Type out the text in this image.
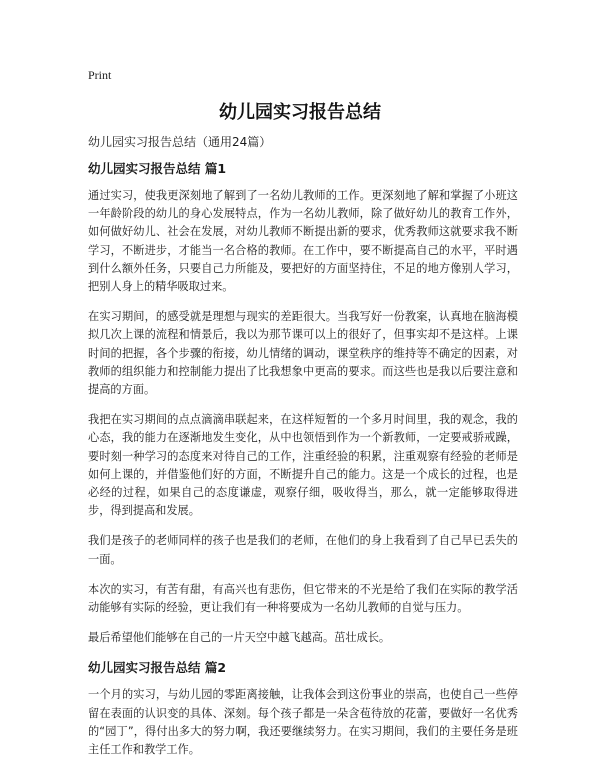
Print
幼儿园实习报告总结

幼儿园实习报告总结（通用24篇）

幼儿园实习报告总结 篇1

通过实习，使我更深刻地了解到了一名幼儿教师的工作。更深刻地了解和掌握了小班这一年龄阶段的幼儿的身心发展特点，作为一名幼儿教师，除了做好幼儿的教育工作外，如何做好幼儿、社会在发展，对幼儿教师不断提出新的要求，优秀教师这就要求我不断学习，不断进步，才能当一名合格的教师。在工作中，要不断提高自己的水平，平时遇到什么额外任务，只要自己力所能及，要把好的方面坚持住，不足的地方像别人学习，把别人身上的精华吸取过来。

在实习期间，的感受就是理想与现实的差距很大。当我写好一份教案，认真地在脑海模拟几次上课的流程和情景后，我以为那节课可以上的很好了，但事实却不是这样。上课时间的把握，各个步骤的衔接，幼儿情绪的调动，课堂秩序的维持等不确定的因素，对教师的组织能力和控制能力提出了比我想象中更高的要求。而这些也是我以后要注意和提高的方面。

我把在实习期间的点点滴滴串联起来，在这样短暂的一个多月时间里，我的观念，我的心态，我的能力在逐渐地发生变化，从中也领悟到作为一个新教师，一定要戒骄戒躁，要时刻一种学习的态度来对待自己的工作，注重经验的积累，注重观察有经验的老师是如何上课的，并借鉴他们好的方面，不断提升自己的能力。这是一个成长的过程，也是必经的过程，如果自己的态度谦虚，观察仔细，吸收得当，那么，就一定能够取得进步，得到提高和发展。

我们是孩子的老师同样的孩子也是我们的老师，在他们的身上我看到了自己早已丢失的一面。

本次的实习，有苦有甜，有高兴也有悲伤，但它带来的不光是给了我们在实际的教学活动能够有实际的经验，更让我们有一种将要成为一名幼儿教师的自觉与压力。

最后希望他们能够在自己的一片天空中越飞越高。茁壮成长。

幼儿园实习报告总结 篇2

一个月的实习，与幼儿园的零距离接触，让我体会到这份事业的崇高，也使自己一些停留在表面的认识变的具体、深刻。每个孩子都是一朵含苞待放的花蕾，要做好一名优秀的“园丁”，得付出多大的努力啊，我还要继续努力。在实习期间，我们的主要任务是班主任工作和教学工作。
